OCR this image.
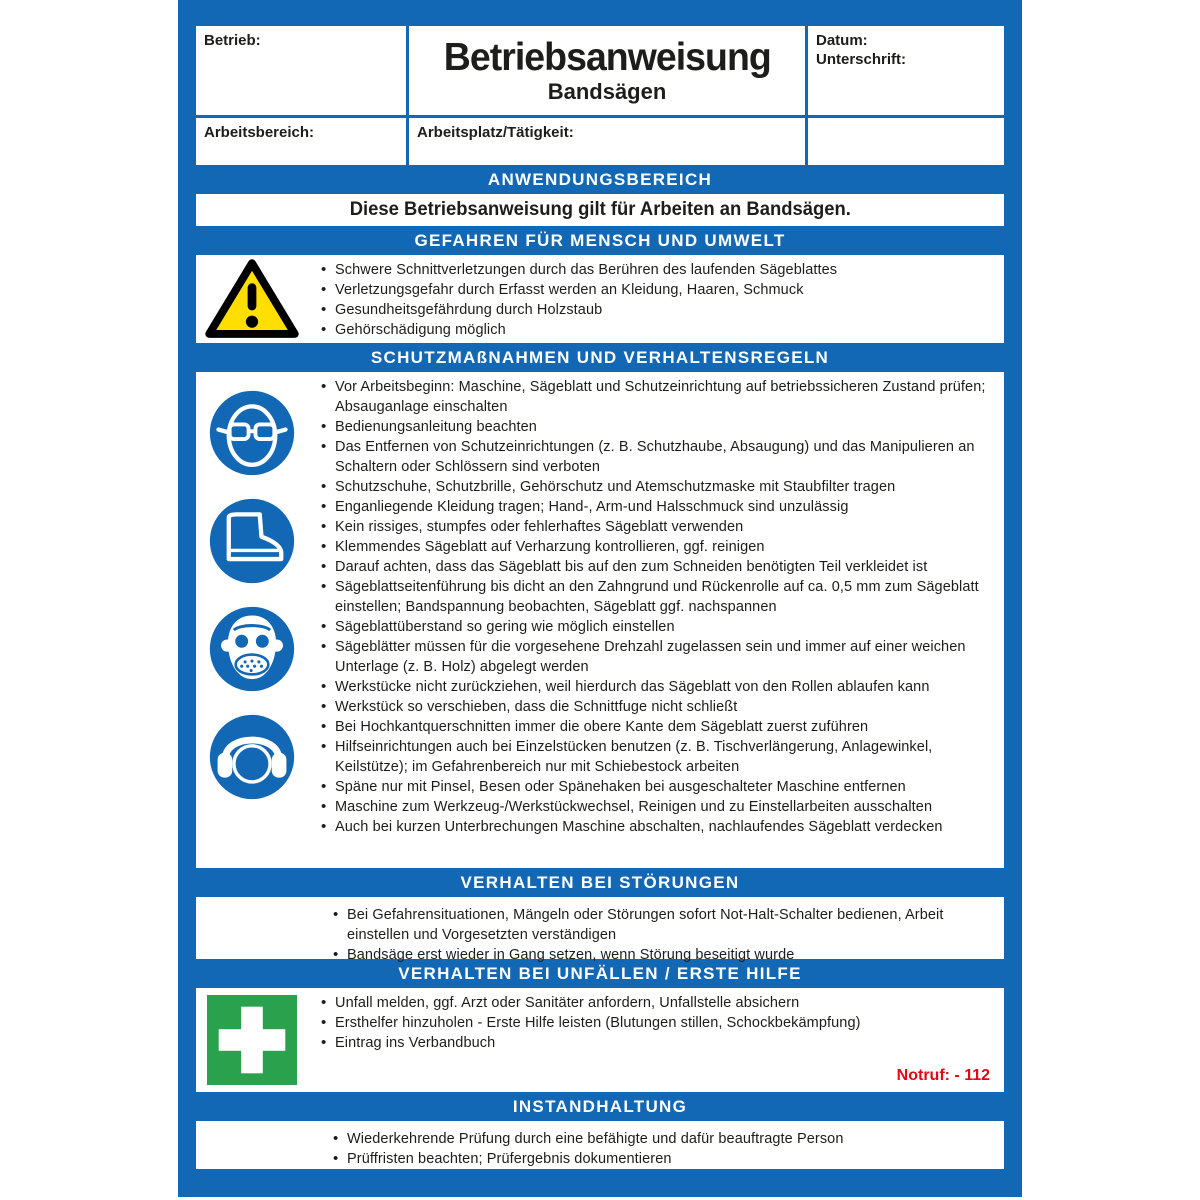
Betrieb:	Betriebsanweisung
Bandsägen
Datum:
Unterschrift:
Arbeitsbereich:	Arbeitsplatz/Tätigkeit:
ANWENDUNGSBEREICH
Diese Betriebsanweisung gilt für Arbeiten an Bandsägen.
GEFAHREN FÜR MENSCH UND UMWELT
• Schwere Schnittverletzungen durch das Berühren des laufenden Sägeblattes
• Verletzungsgefahr durch Erfasst werden an Kleidung, Haaren, Schmuck
• Gesundheitsgefährdung durch Holzstaub
• Gehörschädigung möglich
SCHUTZMAßNAHMEN UND VERHALTENSREGELN
• Vor Arbeitsbeginn: Maschine, Sägeblatt und Schutzeinrichtung auf betriebssicheren Zustand prüfen; Absauganlage einschalten
• Bedienungsanleitung beachten
• Das Entfernen von Schutzeinrichtungen (z. B. Schutzhaube, Absaugung) und das Manipulieren an Schaltern oder Schlössern sind verboten
• Schutzschuhe, Schutzbrille, Gehörschutz und Atemschutzmaske mit Staubfilter tragen
• Enganliegende Kleidung tragen; Hand-, Arm-und Halsschmuck sind unzulässig
• Kein rissiges, stumpfes oder fehlerhaftes Sägeblatt verwenden
• Klemmendes Sägeblatt auf Verharzung kontrollieren, ggf. reinigen
• Darauf achten, dass das Sägeblatt bis auf den zum Schneiden benötigten Teil verkleidet ist
• Sägeblattseitenführung bis dicht an den Zahngrund und Rückenrolle auf ca. 0,5 mm zum Sägeblatt einstellen; Bandspannung beobachten, Sägeblatt ggf. nachspannen
• Sägeblattüberstand so gering wie möglich einstellen
• Sägeblätter müssen für die vorgesehene Drehzahl zugelassen sein und immer auf einer weichen Unterlage (z. B. Holz) abgelegt werden
• Werkstücke nicht zurückziehen, weil hierdurch das Sägeblatt von den Rollen ablaufen kann
• Werkstück so verschieben, dass die Schnittfuge nicht schließt
• Bei Hochkantquerschnitten immer die obere Kante dem Sägeblatt zuerst zuführen
• Hilfseinrichtungen auch bei Einzelstücken benutzen (z. B. Tischverlängerung, Anlagewinkel, Keilstütze); im Gefahrenbereich nur mit Schiebestock arbeiten
• Späne nur mit Pinsel, Besen oder Spänehaken bei ausgeschalteter Maschine entfernen
• Maschine zum Werkzeug-/Werkstückwechsel, Reinigen und zu Einstellarbeiten ausschalten
• Auch bei kurzen Unterbrechungen Maschine abschalten, nachlaufendes Sägeblatt verdecken
VERHALTEN BEI STÖRUNGEN
• Bei Gefahrensituationen, Mängeln oder Störungen sofort Not-Halt-Schalter bedienen, Arbeit einstellen und Vorgesetzten verständigen
• Bandsäge erst wieder in Gang setzen, wenn Störung beseitigt wurde
VERHALTEN BEI UNFÄLLEN / ERSTE HILFE
• Unfall melden, ggf. Arzt oder Sanitäter anfordern, Unfallstelle absichern
• Ersthelfer hinzuholen - Erste Hilfe leisten (Blutungen stillen, Schockbekämpfung)
• Eintrag ins Verbandbuch
Notruf: - 112
INSTANDHALTUNG
• Wiederkehrende Prüfung durch eine befähigte und dafür beauftragte Person
• Prüffristen beachten; Prüfergebnis dokumentieren
